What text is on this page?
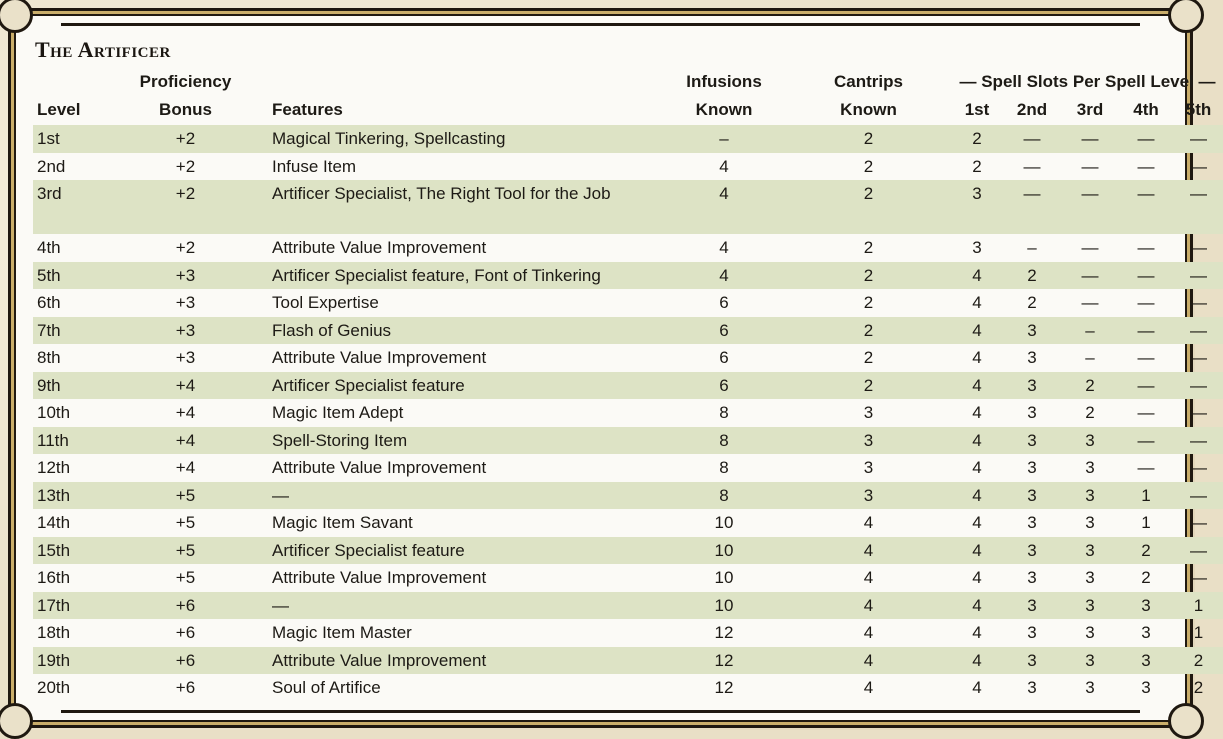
The Artificer
	Proficiency		Infusions	Cantrips	— Spell Slots Per Spell Level —				
Level	Bonus	Features	Known	Known	1st	2nd	3rd	4th	5th
1st	+2	Magical Tinkering, Spellcasting	–	2	2	—	—	—	—
2nd	+2	Infuse Item	4	2	2	—	—	—	—
3rd	+2	Artificer Specialist, The Right Tool for the Job	4	2	3	—	—	—	—
4th	+2	Attribute Value Improvement	4	2	3	–	—	—	—
5th	+3	Artificer Specialist feature, Font of Tinkering	4	2	4	2	—	—	—
6th	+3	Tool Expertise	6	2	4	2	—	—	—
7th	+3	Flash of Genius	6	2	4	3	–	—	—
8th	+3	Attribute Value Improvement	6	2	4	3	–	—	—
9th	+4	Artificer Specialist feature	6	2	4	3	2	—	—
10th	+4	Magic Item Adept	8	3	4	3	2	—	—
11th	+4	Spell-Storing Item	8	3	4	3	3	—	—
12th	+4	Attribute Value Improvement	8	3	4	3	3	—	—
13th	+5	—	8	3	4	3	3	1	—
14th	+5	Magic Item Savant	10	4	4	3	3	1	—
15th	+5	Artificer Specialist feature	10	4	4	3	3	2	—
16th	+5	Attribute Value Improvement	10	4	4	3	3	2	—
17th	+6	—	10	4	4	3	3	3	1
18th	+6	Magic Item Master	12	4	4	3	3	3	1
19th	+6	Attribute Value Improvement	12	4	4	3	3	3	2
20th	+6	Soul of Artifice	12	4	4	3	3	3	2
